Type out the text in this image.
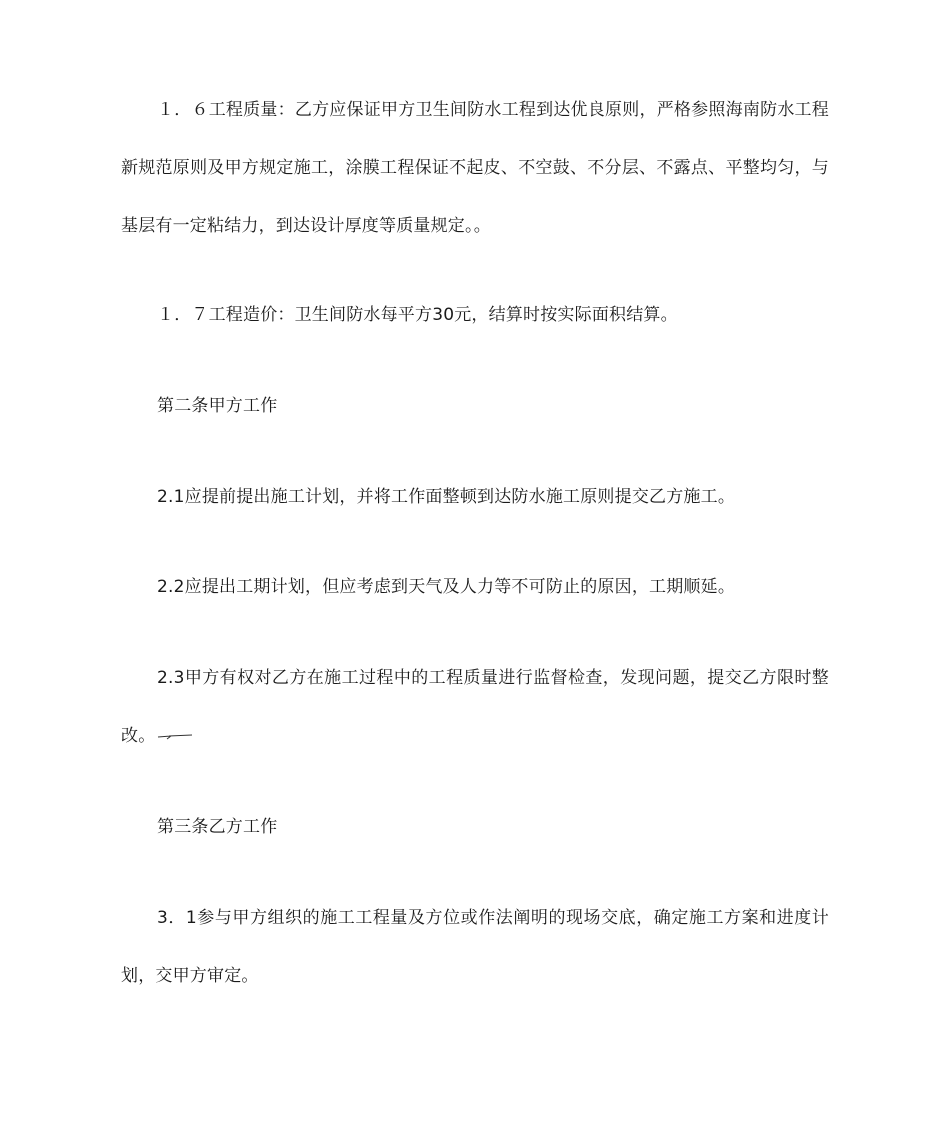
１．６工程质量：乙方应保证甲方卫生间防水工程到达优良原则，严格参照海南防水工程新规范原则及甲方规定施工，涂膜工程保证不起皮、不空鼓、不分层、不露点、平整均匀，与基层有一定粘结力，到达设计厚度等质量规定。。

１．７工程造价：卫生间防水每平方30元，结算时按实际面积结算。

第二条甲方工作

2.1应提前提出施工计划，并将工作面整顿到达防水施工原则提交乙方施工。

2.2应提出工期计划，但应考虑到天气及人力等不可防止的原因，工期顺延。

2.3甲方有权对乙方在施工过程中的工程质量进行监督检查，发现问题，提交乙方限时整改。

第三条乙方工作

3．1参与甲方组织的施工工程量及方位或作法阐明的现场交底，确定施工方案和进度计划，交甲方审定。
